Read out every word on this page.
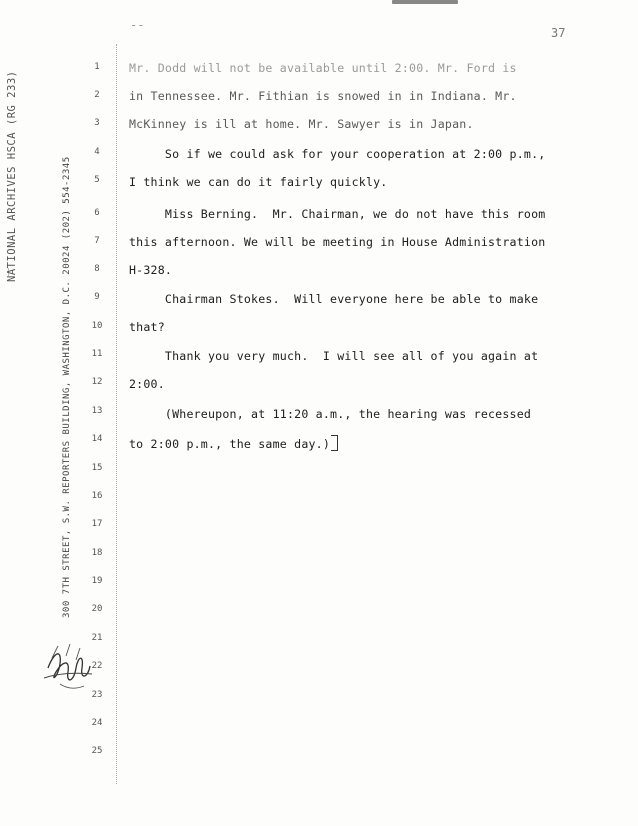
--
37
NATIONAL ARCHIVES HSCA (RG 233)	300 7TH STREET, S.W. REPORTERS BUILDING, WASHINGTON, D.C. 20024 (202) 554-2345
1
2
3
4
5
6
7
8
9
10
11
12
13
14
15
16
17
18
19
20
21
22
23
24
25
Mr. Dodd will not be available until 2:00. Mr. Ford is
in Tennessee. Mr. Fithian is snowed in in Indiana. Mr.
McKinney is ill at home. Mr. Sawyer is in Japan.
So if we could ask for your cooperation at 2:00 p.m.,
I think we can do it fairly quickly.
Miss Berning.  Mr. Chairman, we do not have this room
this afternoon. We will be meeting in House Administration
H-328.
Chairman Stokes.  Will everyone here be able to make
that?
Thank you very much.  I will see all of you again at
2:00.
(Whereupon, at 11:20 a.m., the hearing was recessed
to 2:00 p.m., the same day.)
